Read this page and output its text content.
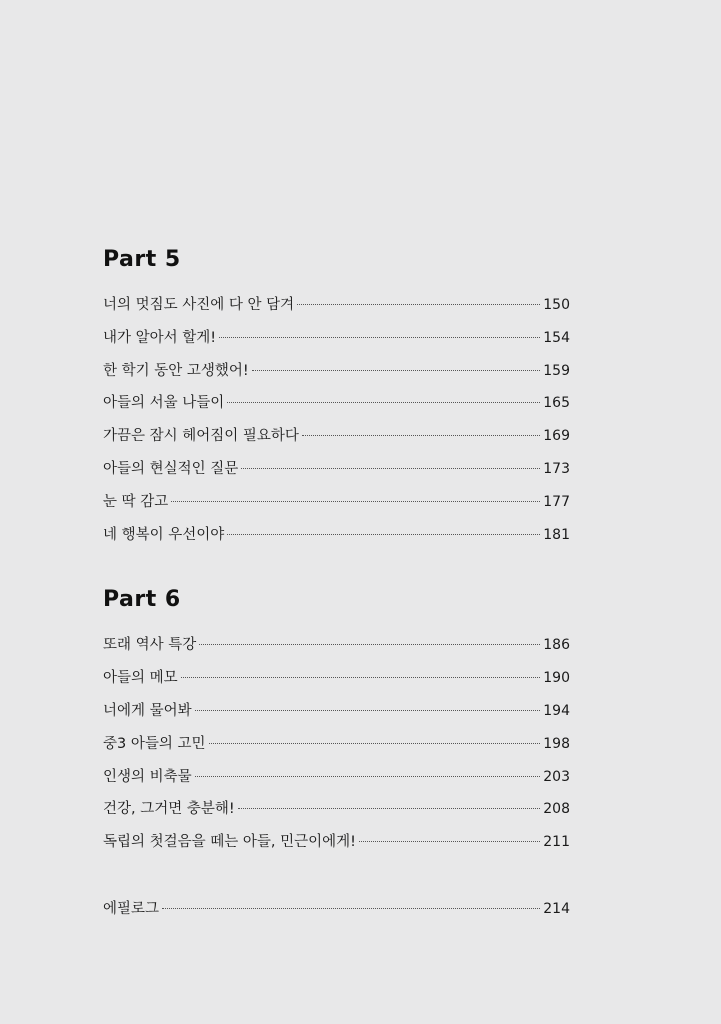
Part 5
너의 멋짐도 사진에 다 안 담겨	150
내가 알아서 할게!	154
한 학기 동안 고생했어!	159
아들의 서울 나들이	165
가끔은 잠시 헤어짐이 필요하다	169
아들의 현실적인 질문	173
눈 딱 감고	177
네 행복이 우선이야	181
Part 6
또래 역사 특강	186
아들의 메모	190
너에게 물어봐	194
중3 아들의 고민	198
인생의 비축물	203
건강, 그거면 충분해!	208
독립의 첫걸음을 떼는 아들, 민근이에게!	211
에필로그	214
